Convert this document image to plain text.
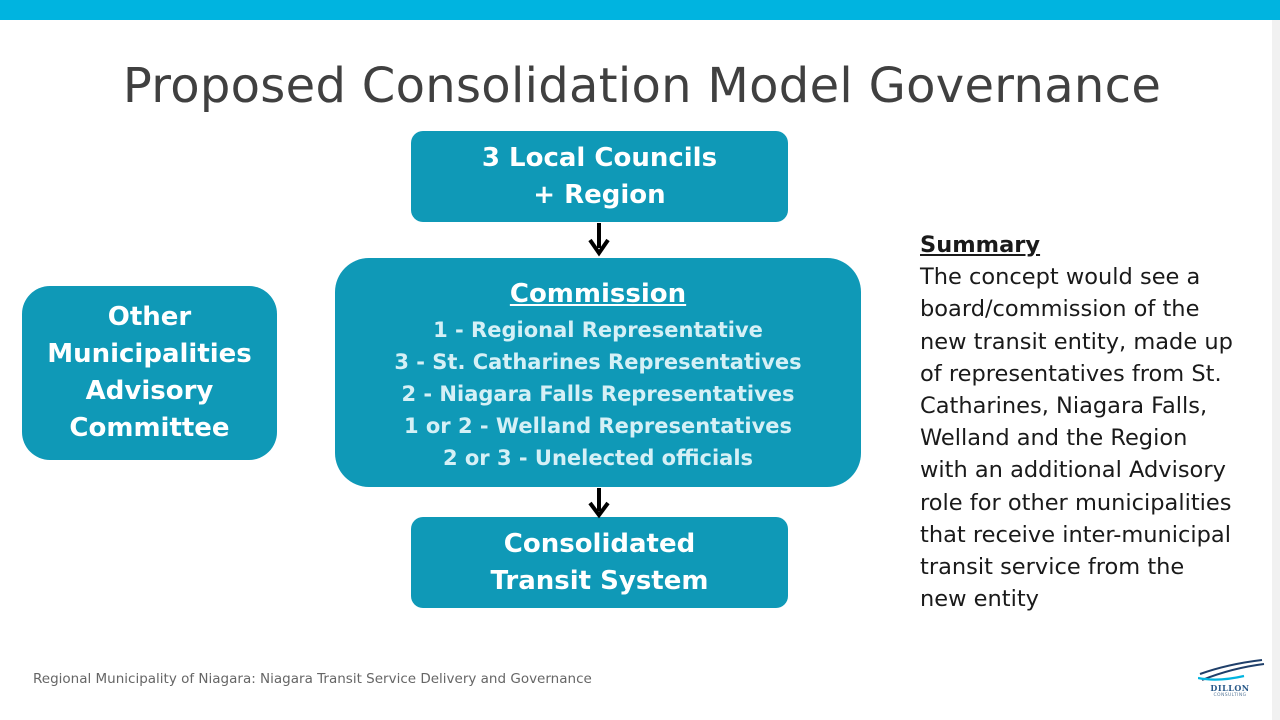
Proposed Consolidation Model Governance
3 Local Councils
+ Region
Commission
1 - Regional Representative
3 - St. Catharines Representatives
2 - Niagara Falls Representatives
1 or 2 - Welland Representatives
2 or 3 - Unelected officials
Consolidated
Transit System
Other
Municipalities
Advisory
Committee
Summary
The concept would see a
board/commission of the
new transit entity, made up
of representatives from St.
Catharines, Niagara Falls,
Welland and the Region
with an additional Advisory
role for other municipalities
that receive inter-municipal
transit service from the
new entity
Regional Municipality of Niagara: Niagara Transit Service Delivery and Governance
DILLON
CONSULTING
